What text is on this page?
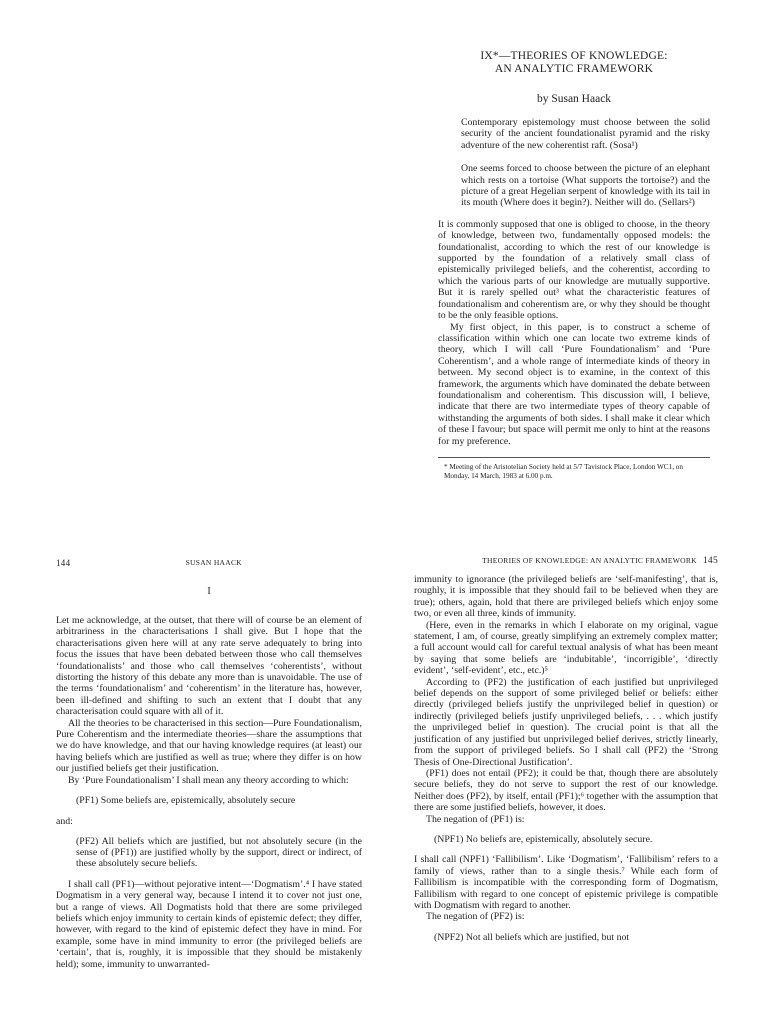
IX*—THEORIES OF KNOWLEDGE:
AN ANALYTIC FRAMEWORK
by Susan Haack

Contemporary epistemology must choose between the solid security of the ancient foundationalist pyramid and the risky adventure of the new coherentist raft. (Sosa¹)

One seems forced to choose between the picture of an elephant which rests on a tortoise (What supports the tortoise?) and the picture of a great Hegelian serpent of knowledge with its tail in its mouth (Where does it begin?). Neither will do. (Sellars²)

It is commonly supposed that one is obliged to choose, in the theory of knowledge, between two, fundamentally opposed models: the foundationalist, according to which the rest of our knowledge is supported by the foundation of a relatively small class of epistemically privileged beliefs, and the coherentist, according to which the various parts of our knowledge are mutually supportive. But it is rarely spelled out³ what the characteristic features of foundationalism and coherentism are, or why they should be thought to be the only feasible options.

My first object, in this paper, is to construct a scheme of classification within which one can locate two extreme kinds of theory, which I will call ‘Pure Foundationalism’ and ‘Pure Coherentism’, and a whole range of intermediate kinds of theory in between. My second object is to examine, in the context of this framework, the arguments which have dominated the debate between foundationalism and coherentism. This discussion will, I believe, indicate that there are two intermediate types of theory capable of withstanding the arguments of both sides. I shall make it clear which of these I favour; but space will permit me only to hint at the reasons for my preference.

* Meeting of the Aristotelian Society held at 5/7 Tavistock Place, London WC1, on Monday, 14 March, 1983 at 6.00 p.m.

144	SUSAN HAACK
I

Let me acknowledge, at the outset, that there will of course be an element of arbitrariness in the characterisations I shall give. But I hope that the characterisations given here will at any rate serve adequately to bring into focus the issues that have been debated between those who call themselves ‘foundationalists’ and those who call themselves ‘coherentists’, without distorting the history of this debate any more than is unavoidable. The use of the terms ‘foundationalism’ and ‘coherentism’ in the literature has, however, been ill-defined and shifting to such an extent that I doubt that any characterisation could square with all of it.

All the theories to be characterised in this section—Pure Foundationalism, Pure Coherentism and the intermediate theories—share the assumptions that we do have knowledge, and that our having knowledge requires (at least) our having beliefs which are justified as well as true; where they differ is on how our justified beliefs get their justification.

By ‘Pure Foundationalism’ I shall mean any theory according to which:

(PF1) Some beliefs are, epistemically, absolutely secure

and:

(PF2) All beliefs which are justified, but not absolutely secure (in the sense of (PF1)) are justified wholly by the support, direct or indirect, of these absolutely secure beliefs.

I shall call (PF1)—without pejorative intent—‘Dogmatism’.⁴ I have stated Dogmatism in a very general way, because I intend it to cover not just one, but a range of views. All Dogmatists hold that there are some privileged beliefs which enjoy immunity to certain kinds of epistemic defect; they differ, however, with regard to the kind of epistemic defect they have in mind. For example, some have in mind immunity to error (the privileged beliefs are ‘certain’, that is, roughly, it is impossible that they should be mistakenly held); some, immunity to unwarranted-

THEORIES OF KNOWLEDGE: AN ANALYTIC FRAMEWORK 145

immunity to ignorance (the privileged beliefs are ‘self-manifesting’, that is, roughly, it is impossible that they should fail to be believed when they are true); others, again, hold that there are privileged beliefs which enjoy some two, or even all three, kinds of immunity.

(Here, even in the remarks in which I elaborate on my original, vague statement, I am, of course, greatly simplifying an extremely complex matter; a full account would call for careful textual analysis of what has been meant by saying that some beliefs are ‘indubitable’, ‘incorrigible’, ‘directly evident’, ‘self-evident’, etc., etc.)⁵

According to (PF2) the justification of each justified but unprivileged belief depends on the support of some privileged belief or beliefs: either directly (privileged beliefs justify the unprivileged belief in question) or indirectly (privileged beliefs justify unprivileged beliefs, . . . which justify the unprivileged belief in question). The crucial point is that all the justification of any justified but unprivileged belief derives, strictly linearly, from the support of privileged beliefs. So I shall call (PF2) the ‘Strong Thesis of One-Directional Justification’.

(PF1) does not entail (PF2); it could be that, though there are absolutely secure beliefs, they do not serve to support the rest of our knowledge. Neither does (PF2), by itself, entail (PF1);⁶ together with the assumption that there are some justified beliefs, however, it does.

The negation of (PF1) is:

(NPF1) No beliefs are, epistemically, absolutely secure.

I shall call (NPF1) ‘Fallibilism’. Like ‘Dogmatism’, ‘Fallibilism’ refers to a family of views, rather than to a single thesis.⁷ While each form of Fallibilism is incompatible with the corresponding form of Dogmatism, Fallibilism with regard to one concept of epistemic privilege is compatible with Dogmatism with regard to another.

The negation of (PF2) is:

(NPF2) Not all beliefs which are justified, but not
